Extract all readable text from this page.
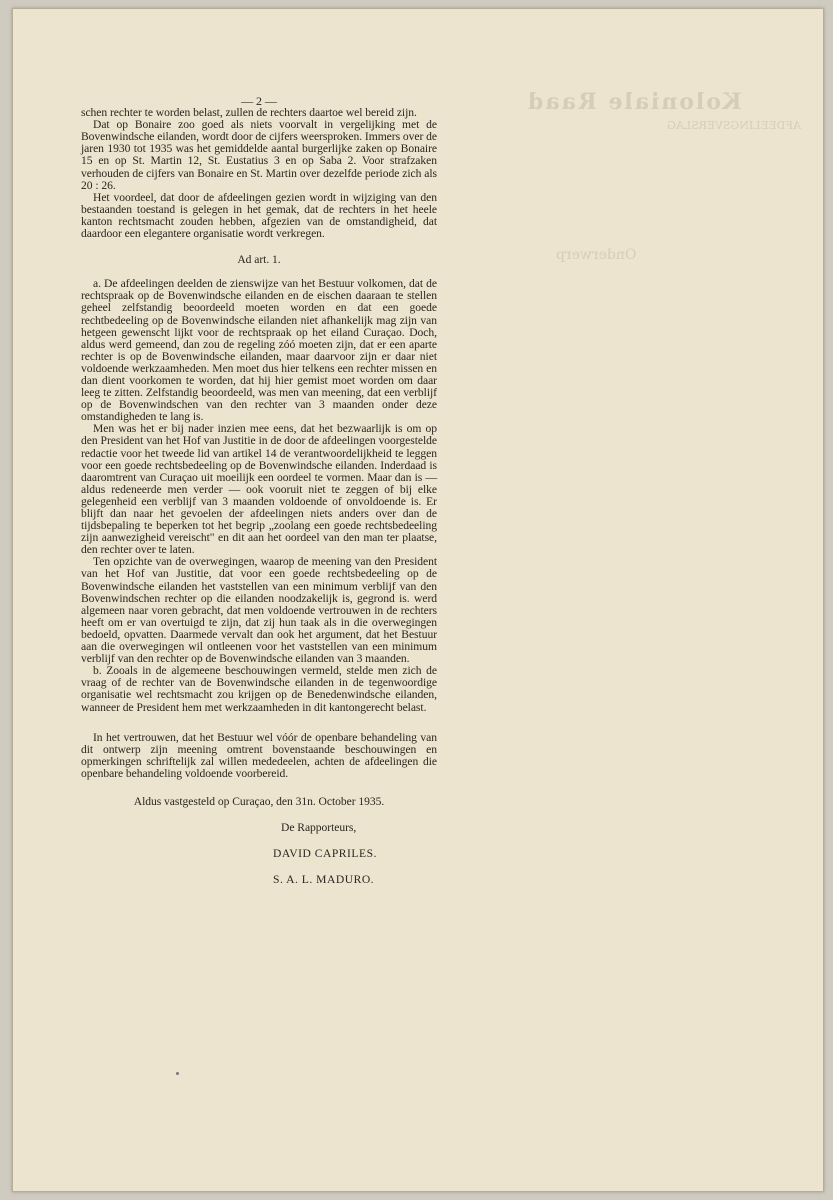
Koloniale Raad
AFDEELINGSVERSLAG
Onderwerp
— 2 —

schen rechter te worden belast, zullen de rechters daartoe wel bereid zijn.

Dat op Bonaire zoo goed als niets voorvalt in vergelijking met de Bovenwindsche eilanden, wordt door de cijfers weersproken. Immers over de jaren 1930 tot 1935 was het gemiddelde aantal burgerlijke zaken op Bonaire 15 en op St. Martin 12, St. Eustatius 3 en op Saba 2. Voor strafzaken verhouden de cijfers van Bonaire en St. Martin over dezelfde periode zich als 20 : 26.

Het voordeel, dat door de afdeelingen gezien wordt in wijziging van den bestaanden toestand is gelegen in het gemak, dat de rechters in het heele kanton rechtsmacht zouden hebben, afgezien van de omstandigheid, dat daardoor een elegantere organisatie wordt verkregen.

Ad art. 1.

a. De afdeelingen deelden de zienswijze van het Bestuur volkomen, dat de rechtspraak op de Bovenwindsche eilanden en de eischen daaraan te stellen geheel zelfstandig beoordeeld moeten worden en dat een goede rechtbedeeling op de Bovenwindsche eilanden niet afhankelijk mag zijn van hetgeen gewenscht lijkt voor de rechtspraak op het eiland Curaçao. Doch, aldus werd gemeend, dan zou de regeling zóó moeten zijn, dat er een aparte rechter is op de Bovenwindsche eilanden, maar daarvoor zijn er daar niet voldoende werkzaamheden. Men moet dus hier telkens een rechter missen en dan dient voorkomen te worden, dat hij hier gemist moet worden om daar leeg te zitten. Zelfstandig beoordeeld, was men van meening, dat een verblijf op de Bovenwindschen van den rechter van 3 maanden onder deze omstandigheden te lang is.

Men was het er bij nader inzien mee eens, dat het bezwaarlijk is om op den President van het Hof van Justitie in de door de afdeelingen voorgestelde redactie voor het tweede lid van artikel 14 de verantwoordelijkheid te leggen voor een goede rechtsbedeeling op de Bovenwindsche eilanden. Inderdaad is daaromtrent van Curaçao uit moeilijk een oordeel te vormen. Maar dan is — aldus redeneerde men verder — ook vooruit niet te zeggen of bij elke gelegenheid een verblijf van 3 maanden voldoende of onvoldoende is. Er blijft dan naar het gevoelen der afdeelingen niets anders over dan de tijdsbepaling te beperken tot het begrip „zoolang een goede rechtsbedeeling zijn aanwezigheid vereischt" en dit aan het oordeel van den man ter plaatse, den rechter over te laten.

Ten opzichte van de overwegingen, waarop de meening van den President van het Hof van Justitie, dat voor een goede rechtsbedeeling op de Bovenwindsche eilanden het vaststellen van een minimum verblijf van den Bovenwindschen rechter op die eilanden noodzakelijk is, gegrond is. werd algemeen naar voren gebracht, dat men voldoende vertrouwen in de rechters heeft om er van overtuigd te zijn, dat zij hun taak als in die overwegingen bedoeld, opvatten. Daarmede vervalt dan ook het argument, dat het Bestuur aan die overwegingen wil ontleenen voor het vaststellen van een minimum verblijf van den rechter op de Bovenwindsche eilanden van 3 maanden.

b. Zooals in de algemeene beschouwingen vermeld, stelde men zich de vraag of de rechter van de Bovenwindsche eilanden in de tegenwoordige organisatie wel rechtsmacht zou krijgen op de Benedenwindsche eilanden, wanneer de President hem met werkzaamheden in dit kantongerecht belast.

In het vertrouwen, dat het Bestuur wel vóór de openbare behandeling van dit ontwerp zijn meening omtrent bovenstaande beschouwingen en opmerkingen schriftelijk zal willen mededeelen, achten de afdeelingen die openbare behandeling voldoende voorbereid.

Aldus vastgesteld op Curaçao, den 31n. October 1935.

De Rapporteurs,

DAVID CAPRILES.

S. A. L. MADURO.
